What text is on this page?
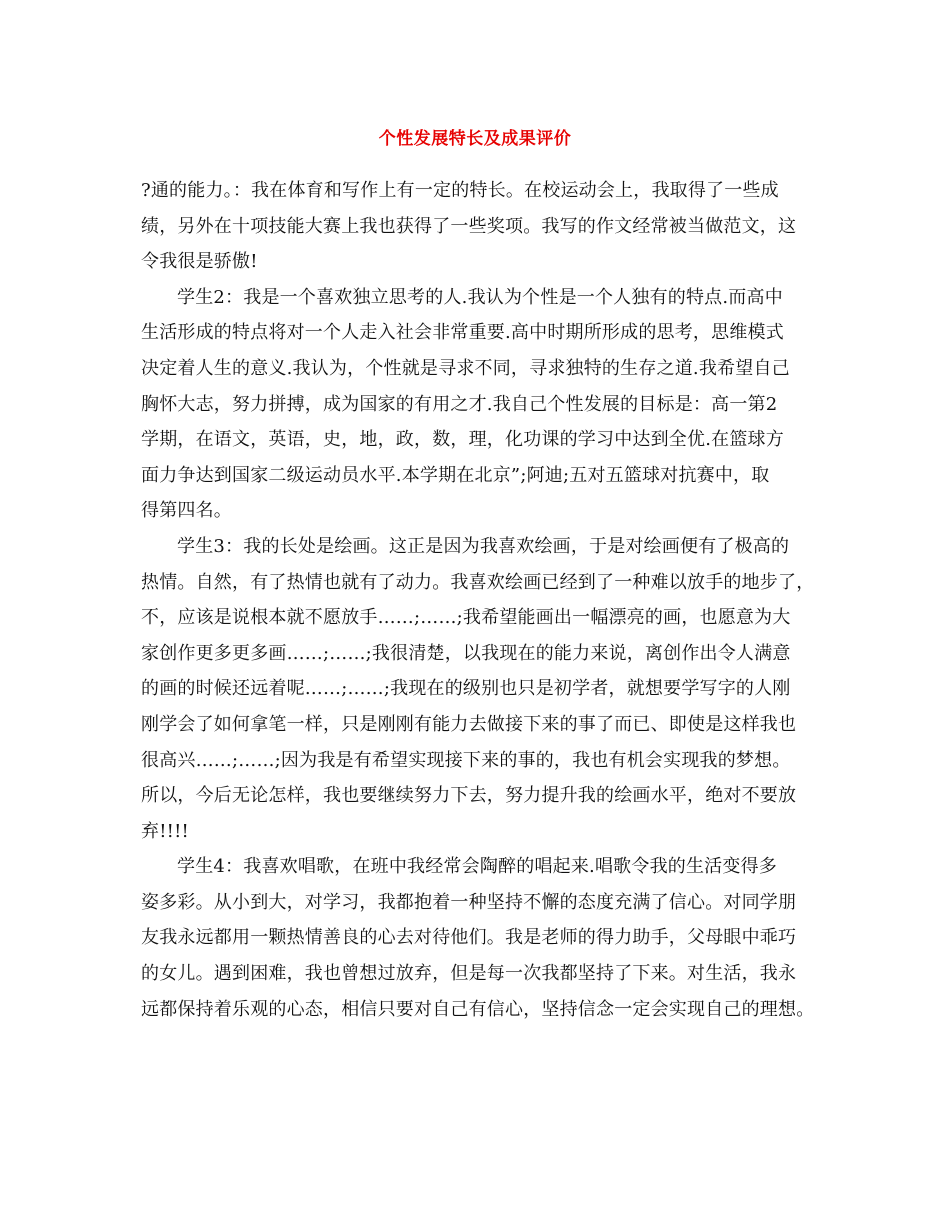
个性发展特长及成果评价
?通的能力。：我在体育和写作上有一定的特长。在校运动会上，我取得了一些成
绩，另外在十项技能大赛上我也获得了一些奖项。我写的作文经常被当做范文，这
令我很是骄傲!
学生2：我是一个喜欢独立思考的人.我认为个性是一个人独有的特点.而高中
生活形成的特点将对一个人走入社会非常重要.高中时期所形成的思考，思维模式
决定着人生的意义.我认为，个性就是寻求不同，寻求独特的生存之道.我希望自己
胸怀大志，努力拼搏，成为国家的有用之才.我自己个性发展的目标是：高一第2
学期，在语文，英语，史，地，政，数，理，化功课的学习中达到全优.在篮球方
面力争达到国家二级运动员水平.本学期在北京”;阿迪;五对五篮球对抗赛中，取
得第四名。
学生3：我的长处是绘画。这正是因为我喜欢绘画，于是对绘画便有了极高的
热情。自然，有了热情也就有了动力。我喜欢绘画已经到了一种难以放手的地步了，
不，应该是说根本就不愿放手……;……;我希望能画出一幅漂亮的画，也愿意为大
家创作更多更多画……;……;我很清楚，以我现在的能力来说，离创作出令人满意
的画的时候还远着呢……;……;我现在的级别也只是初学者，就想要学写字的人刚
刚学会了如何拿笔一样，只是刚刚有能力去做接下来的事了而已、即使是这样我也
很高兴……;……;因为我是有希望实现接下来的事的，我也有机会实现我的梦想。
所以，今后无论怎样，我也要继续努力下去，努力提升我的绘画水平，绝对不要放
弃!!!!
学生4：我喜欢唱歌，在班中我经常会陶醉的唱起来.唱歌令我的生活变得多
姿多彩。从小到大，对学习，我都抱着一种坚持不懈的态度充满了信心。对同学朋
友我永远都用一颗热情善良的心去对待他们。我是老师的得力助手，父母眼中乖巧
的女儿。遇到困难，我也曾想过放弃，但是每一次我都坚持了下来。对生活，我永
远都保持着乐观的心态，相信只要对自己有信心，坚持信念一定会实现自己的理想。
